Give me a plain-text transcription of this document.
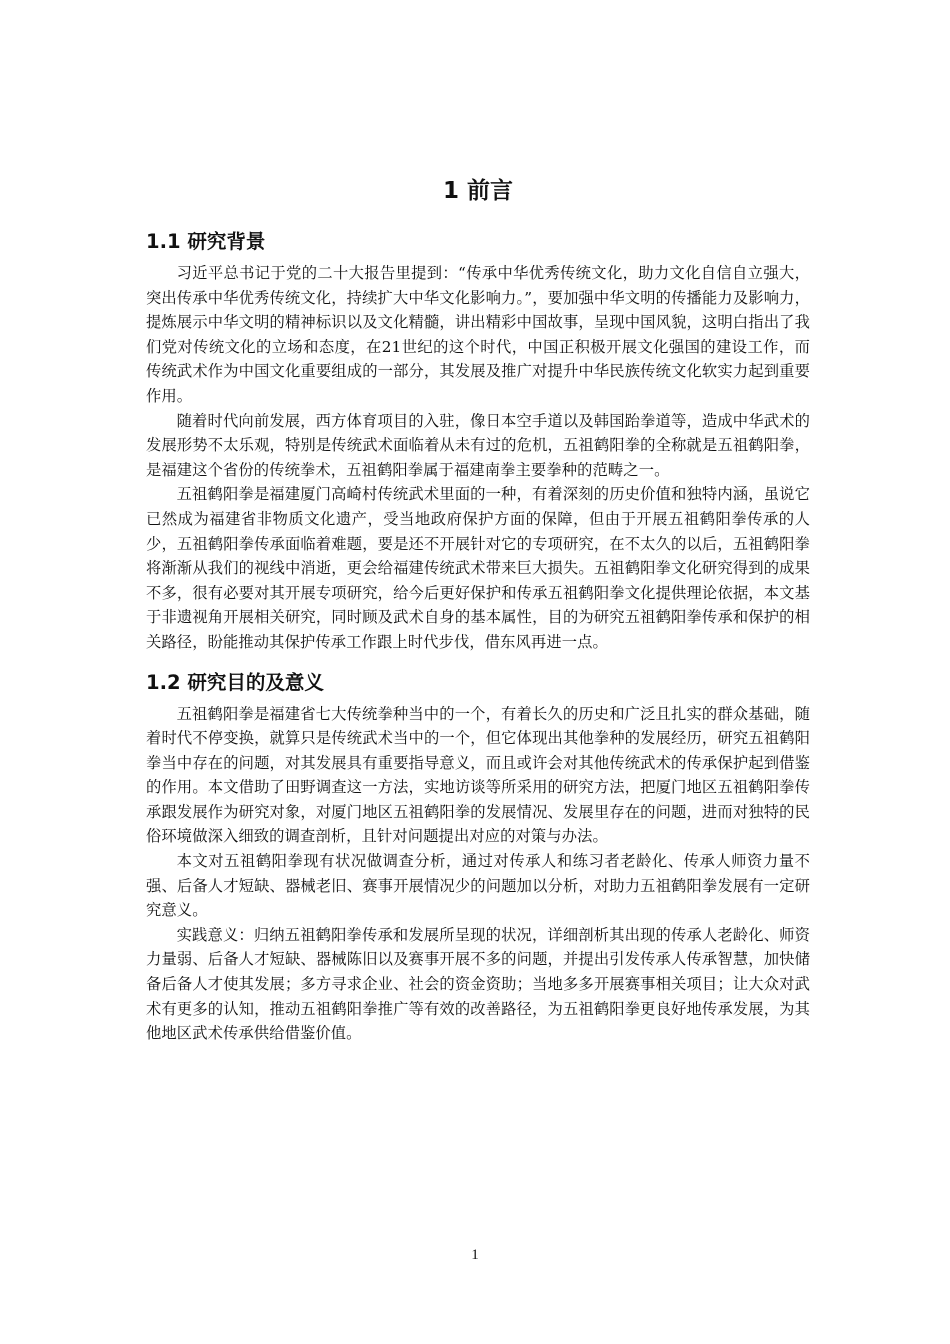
1 前言
1.1 研究背景

习近平总书记于党的二十大报告里提到：“传承中华优秀传统文化，助力文化自信自立强大，突出传承中华优秀传统文化，持续扩大中华文化影响力。”，要加强中华文明的传播能力及影响力，提炼展示中华文明的精神标识以及文化精髓，讲出精彩中国故事，呈现中国风貌，这明白指出了我们党对传统文化的立场和态度，在21世纪的这个时代，中国正积极开展文化强国的建设工作，而传统武术作为中国文化重要组成的一部分，其发展及推广对提升中华民族传统文化软实力起到重要作用。

随着时代向前发展，西方体育项目的入驻，像日本空手道以及韩国跆拳道等，造成中华武术的发展形势不太乐观，特别是传统武术面临着从未有过的危机，五祖鹤阳拳的全称就是五祖鹤阳拳，是福建这个省份的传统拳术，五祖鹤阳拳属于福建南拳主要拳种的范畴之一。

五祖鹤阳拳是福建厦门高崎村传统武术里面的一种，有着深刻的历史价值和独特内涵，虽说它已然成为福建省非物质文化遗产，受当地政府保护方面的保障，但由于开展五祖鹤阳拳传承的人少，五祖鹤阳拳传承面临着难题，要是还不开展针对它的专项研究，在不太久的以后，五祖鹤阳拳将渐渐从我们的视线中消逝，更会给福建传统武术带来巨大损失。五祖鹤阳拳文化研究得到的成果不多，很有必要对其开展专项研究，给今后更好保护和传承五祖鹤阳拳文化提供理论依据，本文基于非遗视角开展相关研究，同时顾及武术自身的基本属性，目的为研究五祖鹤阳拳传承和保护的相关路径，盼能推动其保护传承工作跟上时代步伐，借东风再进一点。

1.2 研究目的及意义

五祖鹤阳拳是福建省七大传统拳种当中的一个，有着长久的历史和广泛且扎实的群众基础，随着时代不停变换，就算只是传统武术当中的一个，但它体现出其他拳种的发展经历，研究五祖鹤阳拳当中存在的问题，对其发展具有重要指导意义，而且或许会对其他传统武术的传承保护起到借鉴的作用。本文借助了田野调查这一方法，实地访谈等所采用的研究方法，把厦门地区五祖鹤阳拳传承跟发展作为研究对象，对厦门地区五祖鹤阳拳的发展情况、发展里存在的问题，进而对独特的民俗环境做深入细致的调查剖析，且针对问题提出对应的对策与办法。

本文对五祖鹤阳拳现有状况做调查分析，通过对传承人和练习者老龄化、传承人师资力量不强、后备人才短缺、器械老旧、赛事开展情况少的问题加以分析，对助力五祖鹤阳拳发展有一定研究意义。

实践意义：归纳五祖鹤阳拳传承和发展所呈现的状况，详细剖析其出现的传承人老龄化、师资力量弱、后备人才短缺、器械陈旧以及赛事开展不多的问题，并提出引发传承人传承智慧，加快储备后备人才使其发展；多方寻求企业、社会的资金资助；当地多多开展赛事相关项目；让大众对武术有更多的认知，推动五祖鹤阳拳推广等有效的改善路径，为五祖鹤阳拳更良好地传承发展，为其他地区武术传承供给借鉴价值。

1
